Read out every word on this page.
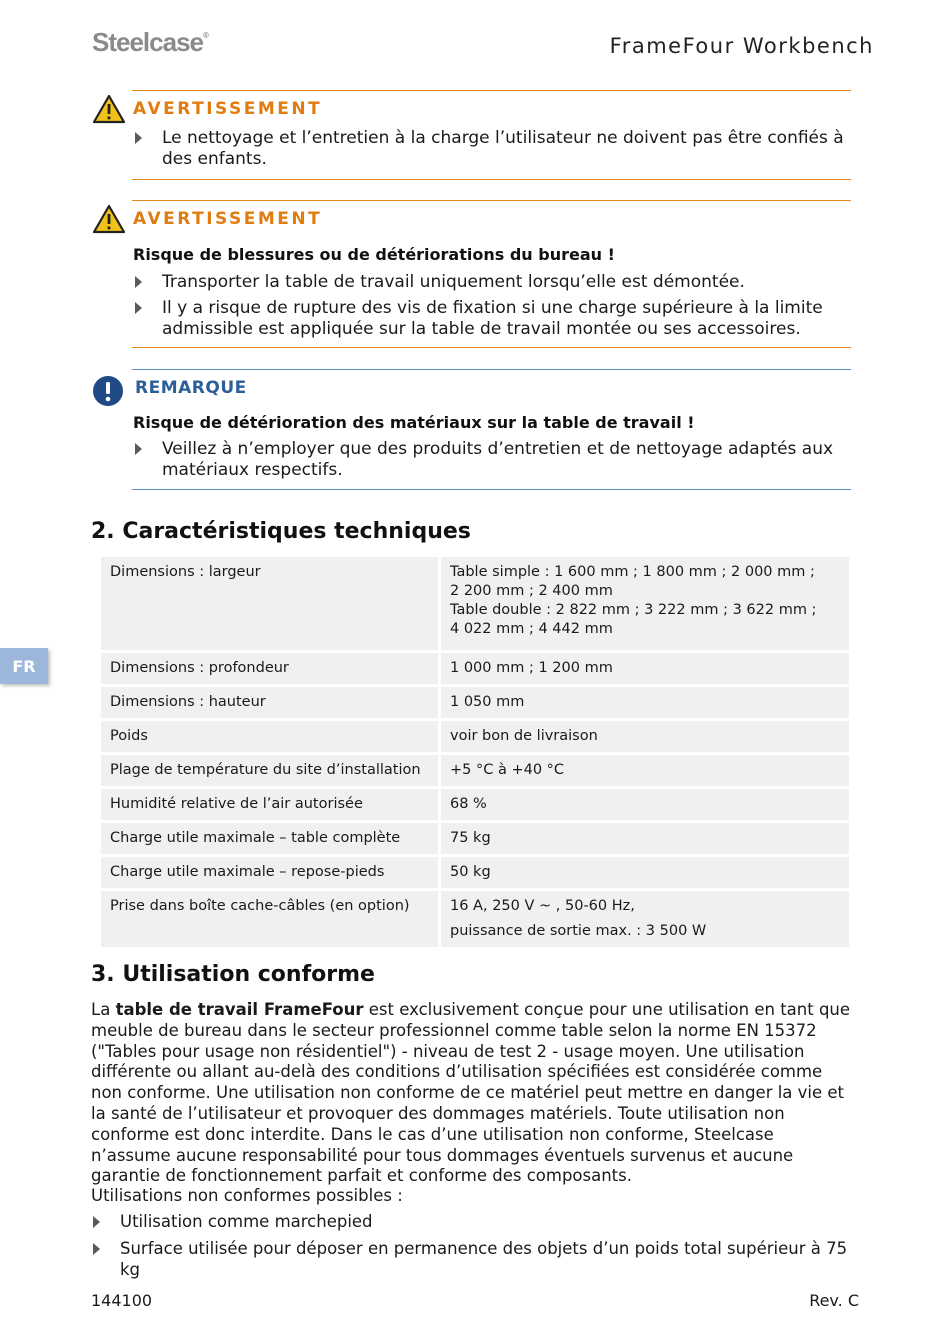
Steelcase®	FrameFour Workbench
AVERTISSEMENT
Le nettoyage et l’entretien à la charge l’utilisateur ne doivent pas être confiés à des enfants.
AVERTISSEMENT
Risque de blessures ou de détériorations du bureau !
Transporter la table de travail uniquement lorsqu’elle est démontée.
Il y a risque de rupture des vis de fixation si une charge supérieure à la limite admissible est appliquée sur la table de travail montée ou ses accessoires.
REMARQUE
Risque de détérioration des matériaux sur la table de travail !
Veillez à n’employer que des produits d’entretien et de nettoyage adaptés aux matériaux respectifs.
2. Caractéristiques techniques
FR
Dimensions : largeur	Table simple : 1 600 mm ; 1 800 mm ; 2 000 mm ;
2 200 mm ; 2 400 mm
Table double : 2 822 mm ; 3 222 mm ; 3 622 mm ;
4 022 mm ; 4 442 mm

Dimensions : profondeur	1 000 mm ; 1 200 mm

Dimensions : hauteur	1 050 mm

Poids	voir bon de livraison

Plage de température du site d’installation	+5 °C à +40 °C

Humidité relative de l’air autorisée	68 %

Charge utile maximale – table complète	75 kg

Charge utile maximale – repose-pieds	50 kg

Prise dans boîte cache-câbles (en option)	16 A, 250 V ~ , 50-60 Hz,
puissance de sortie max. : 3 500 W
3. Utilisation conforme
La table de travail FrameFour est exclusivement conçue pour une utilisation en tant que meuble de bureau dans le secteur professionnel comme table selon la norme EN 15372 ("Tables pour usage non résidentiel") - niveau de test 2 - usage moyen. Une utilisation différente ou allant au-delà des conditions d’utilisation spécifiées est considérée comme non conforme. Une utilisation non conforme de ce matériel peut mettre en danger la vie et la santé de l’utilisateur et provoquer des dommages matériels. Toute utilisation non conforme est donc interdite. Dans le cas d’une utilisation non conforme, Steelcase n’assume aucune responsabilité pour tous dommages éventuels survenus et aucune garantie de fonctionnement parfait et conforme des composants.
Utilisations non conformes possibles :
Utilisation comme marchepied
Surface utilisée pour déposer en permanence des objets d’un poids total supérieur à 75 kg
144100	Rev. C
